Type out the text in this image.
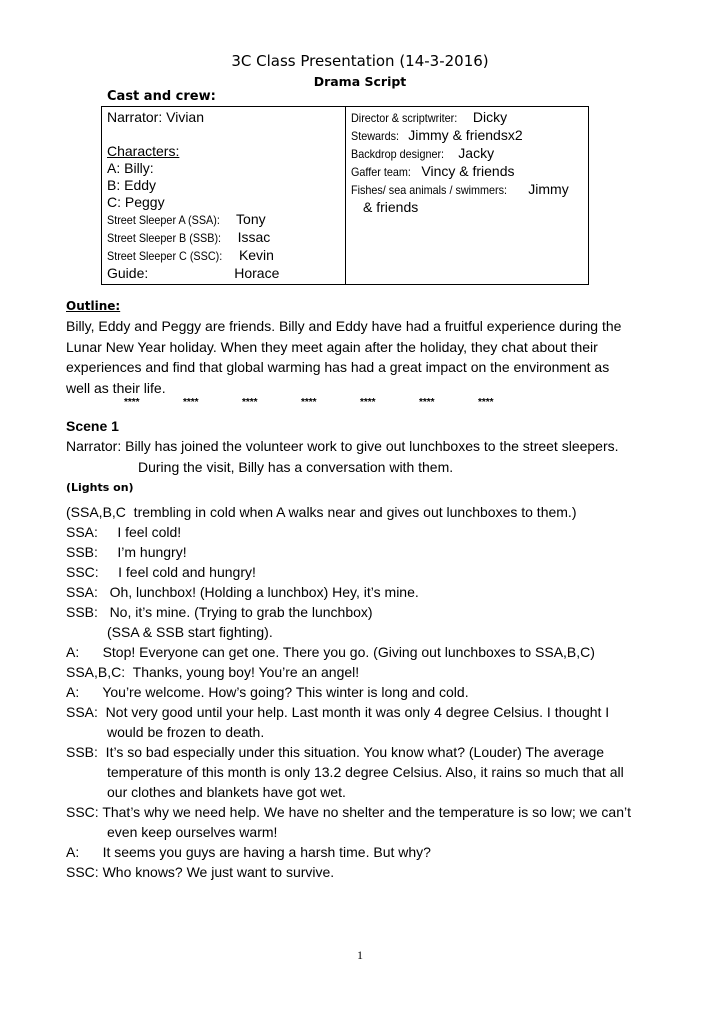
3C Class Presentation (14-3-2016)
Drama Script
Cast and crew:
Narrator: Vivian
Characters:
A: Billy:
B: Eddy
C: Peggy
Street Sleeper A (SSA): Tony
Street Sleeper B (SSB): Issac
Street Sleeper C (SSC): Kevin
Guide:	Horace

Director & scriptwriter: Dicky
Stewards: Jimmy & friendsx2
Backdrop designer: Jacky
Gaffer team: Vincy & friends
Fishes/ sea animals / swimmers: Jimmy
& friends
Outline:
Billy, Eddy and Peggy are friends. Billy and Eddy have had a fruitful experience during the
Lunar New Year holiday. When they meet again after the holiday, they chat about their
experiences and find that global warming has had a great impact on the environment as
well as their life.
****	****	****	****	****	****	****
Scene 1
Narrator: Billy has joined the volunteer work to give out lunchboxes to the street sleepers.
During the visit, Billy has a conversation with them.
(Lights on)
(SSA,B,C  trembling in cold when A walks near and gives out lunchboxes to them.)
SSA:     I feel cold!
SSB:     I’m hungry!
SSC:     I feel cold and hungry!
SSA:   Oh, lunchbox! (Holding a lunchbox) Hey, it’s mine.
SSB:   No, it’s mine. (Trying to grab the lunchbox)
(SSA & SSB start fighting).
A:      Stop! Everyone can get one. There you go. (Giving out lunchboxes to SSA,B,C)
SSA,B,C:  Thanks, young boy! You’re an angel!
A:      You’re welcome. How’s going? This winter is long and cold.
SSA:  Not very good until your help. Last month it was only 4 degree Celsius. I thought I
would be frozen to death.
SSB:  It’s so bad especially under this situation. You know what? (Louder) The average
temperature of this month is only 13.2 degree Celsius. Also, it rains so much that all
our clothes and blankets have got wet.
SSC: That’s why we need help. We have no shelter and the temperature is so low; we can’t
even keep ourselves warm!
A:      It seems you guys are having a harsh time. But why?
SSC: Who knows? We just want to survive.
1
